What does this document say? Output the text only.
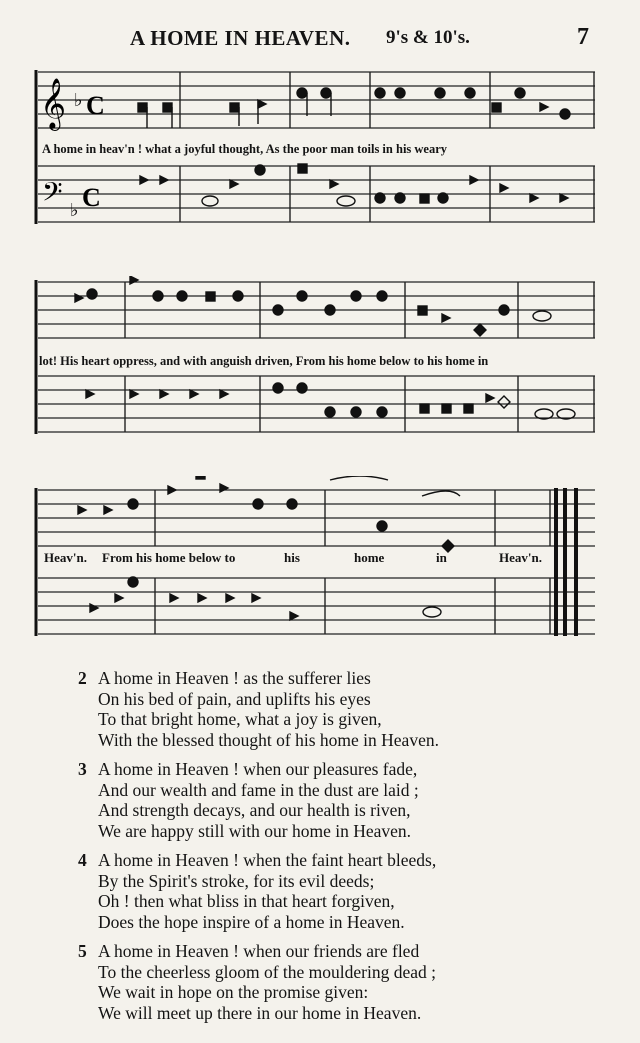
A HOME IN HEAVEN. 9's & 10's.	7
𝄞 ♭ C
𝄢 ♭ C
A home in heav'n ! what a joyful thought, As the poor man toils in his weary
lot! His heart oppress, and with anguish driven, From his home below to his home in
Heav'n. From his home below to	his	home	in	Heav'n.
2 A home in Heaven ! as the sufferer lies
On his bed of pain, and uplifts his eyes
To that bright home, what a joy is given,
With the blessed thought of his home in Heaven.
3 A home in Heaven ! when our pleasures fade,
And our wealth and fame in the dust are laid ;
And strength decays, and our health is riven,
We are happy still with our home in Heaven.
4 A home in Heaven ! when the faint heart bleeds,
By the Spirit's stroke, for its evil deeds;
Oh ! then what bliss in that heart forgiven,
Does the hope inspire of a home in Heaven.
5 A home in Heaven ! when our friends are fled
To the cheerless gloom of the mouldering dead ;
We wait in hope on the promise given:
We will meet up there in our home in Heaven.
